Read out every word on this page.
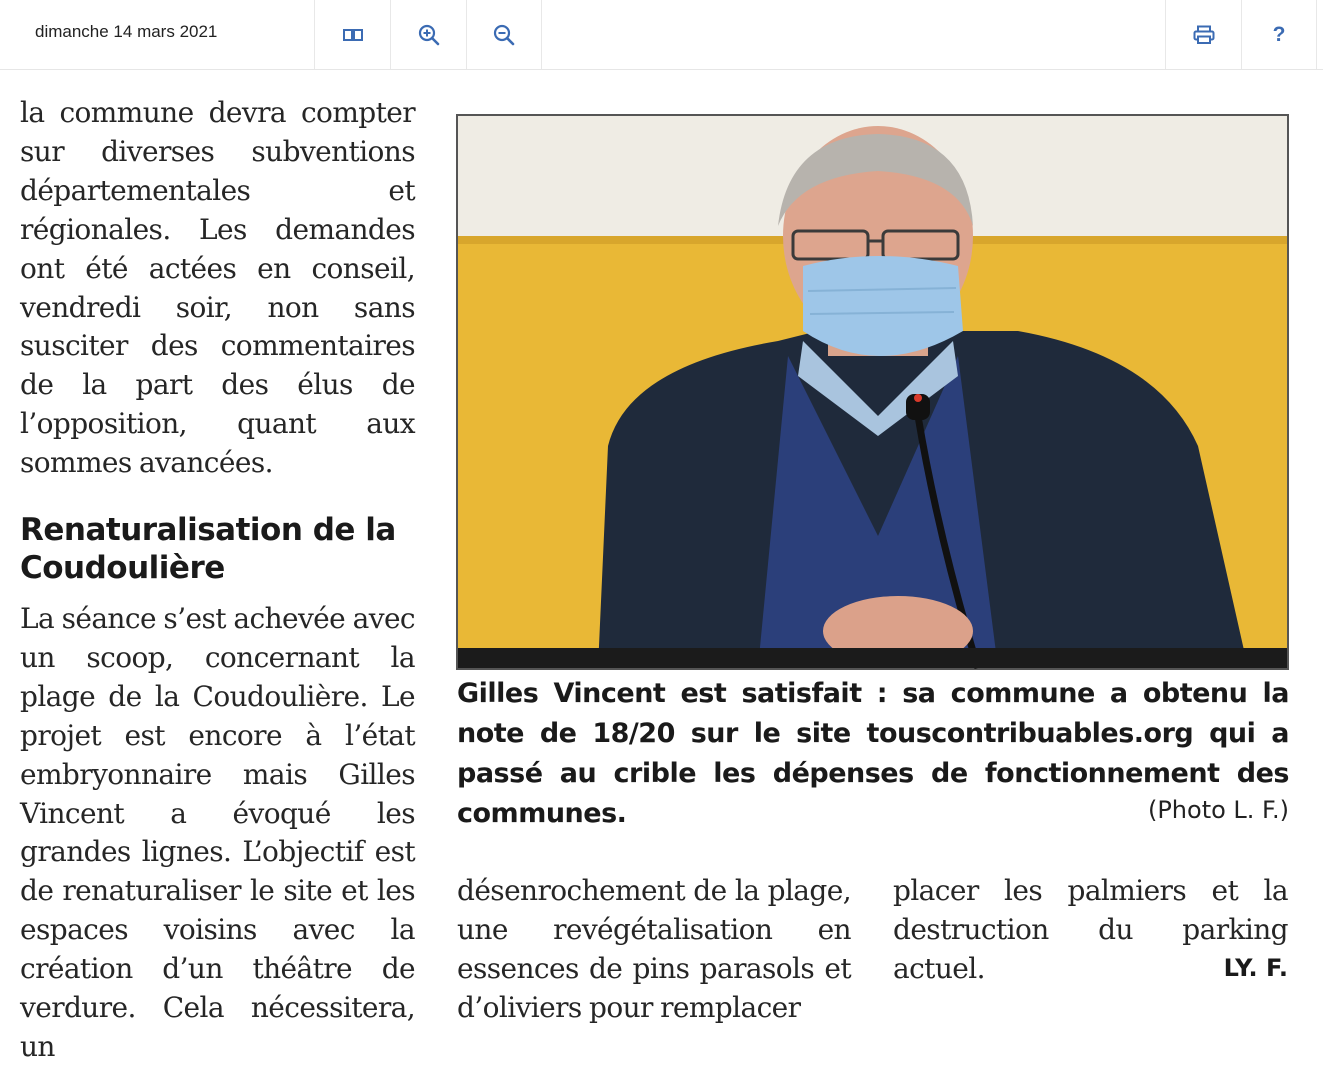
dimanche 14 mars 2021	?
la commune devra compter sur diverses subventions départementales et régionales. Les demandes ont été actées en conseil, vendredi soir, non sans susciter des commentaires de la part des élus de l’opposition, quant aux sommes avancées.
Renaturalisation de la Coudoulière
La séance s’est achevée avec un scoop, concernant la plage de la Coudoulière. Le projet est encore à l’état embryonnaire mais Gilles Vincent a évoqué les grandes lignes. L’objectif est de renaturaliser le site et les espaces voisins avec la création d’un théâtre de verdure. Cela nécessitera, un
Gilles Vincent est satisfait : sa commune a obtenu la note de 18/20 sur le site touscontribuables.org qui a passé au crible les dépenses de fonctionnement des communes.	(Photo L. F.)
désenrochement de la plage, une revégétalisation en essences de pins parasols et d’oliviers pour remplacer
placer les palmiers et la destruction du parking actuel.	LY. F.
